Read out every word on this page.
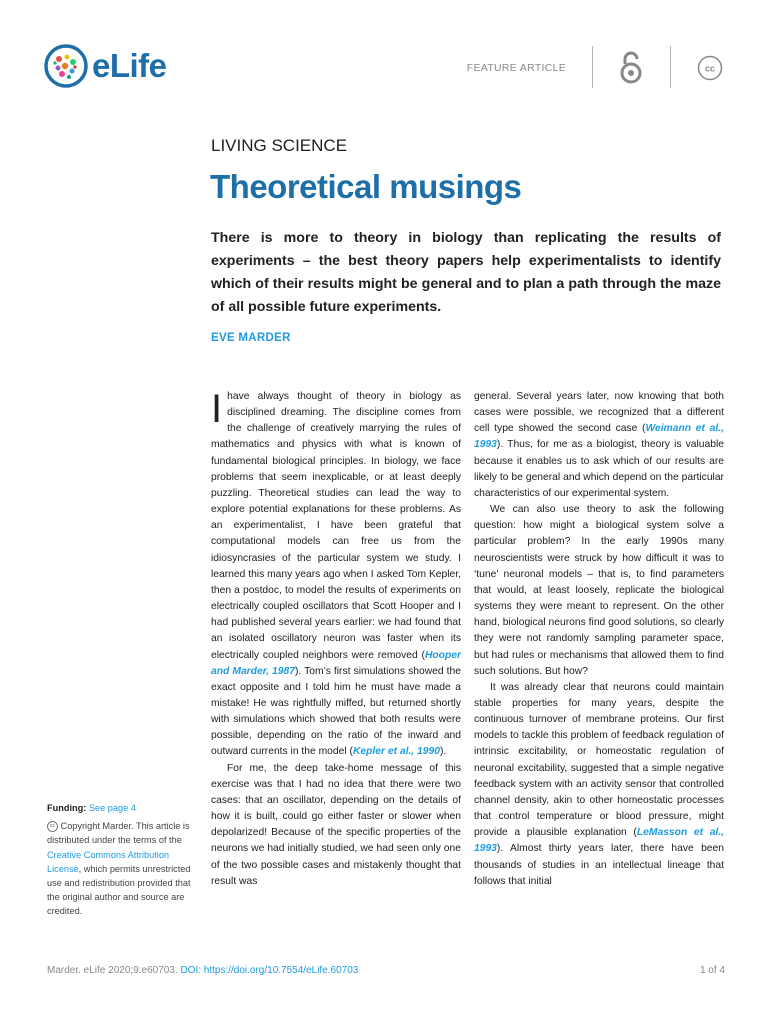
eLife	FEATURE ARTICLE	cc
LIVING SCIENCE
Theoretical musings
There is more to theory in biology than replicating the results of experiments – the best theory papers help experimentalists to identify which of their results might be general and to plan a path through the maze of all possible future experiments.
EVE MARDER

I have always thought of theory in biology as disciplined dreaming. The discipline comes from the challenge of creatively marrying the rules of mathematics and physics with what is known of fundamental biological principles. In biology, we face problems that seem inexplicable, or at least deeply puzzling. Theoretical studies can lead the way to explore potential explanations for these problems. As an experimentalist, I have been grateful that computational models can free us from the idiosyncrasies of the particular system we study. I learned this many years ago when I asked Tom Kepler, then a postdoc, to model the results of experiments on electrically coupled oscillators that Scott Hooper and I had published several years earlier: we had found that an isolated oscillatory neuron was faster when its electrically coupled neighbors were removed (Hooper and Marder, 1987). Tom’s first simulations showed the exact opposite and I told him he must have made a mistake! He was rightfully miffed, but returned shortly with simulations which showed that both results were possible, depending on the ratio of the inward and outward currents in the model (Kepler et al., 1990).

For me, the deep take-home message of this exercise was that I had no idea that there were two cases: that an oscillator, depending on the details of how it is built, could go either faster or slower when depolarized! Because of the specific properties of the neurons we had initially studied, we had seen only one of the two possible cases and mistakenly thought that result was

general. Several years later, now knowing that both cases were possible, we recognized that a different cell type showed the second case (Weimann et al., 1993). Thus, for me as a biologist, theory is valuable because it enables us to ask which of our results are likely to be general and which depend on the particular characteristics of our experimental system.

We can also use theory to ask the following question: how might a biological system solve a particular problem? In the early 1990s many neuroscientists were struck by how difficult it was to ‘tune’ neuronal models – that is, to find parameters that would, at least loosely, replicate the biological systems they were meant to represent. On the other hand, biological neurons find good solutions, so clearly they were not randomly sampling parameter space, but had rules or mechanisms that allowed them to find such solutions. But how?

It was already clear that neurons could maintain stable properties for many years, despite the continuous turnover of membrane proteins. Our first models to tackle this problem of feedback regulation of intrinsic excitability, or homeostatic regulation of neuronal excitability, suggested that a simple negative feedback system with an activity sensor that controlled channel density, akin to other homeostatic processes that control temperature or blood pressure, might provide a plausible explanation (LeMasson et al., 1993). Almost thirty years later, there have been thousands of studies in an intellectual lineage that follows that initial

Funding: See page 4

cc Copyright Marder. This article is distributed under the terms of the Creative Commons Attribution License, which permits unrestricted use and redistribution provided that the original author and source are credited.

Marder. eLife 2020;9:e60703. DOI: https://doi.org/10.7554/eLife.60703	1 of 4
